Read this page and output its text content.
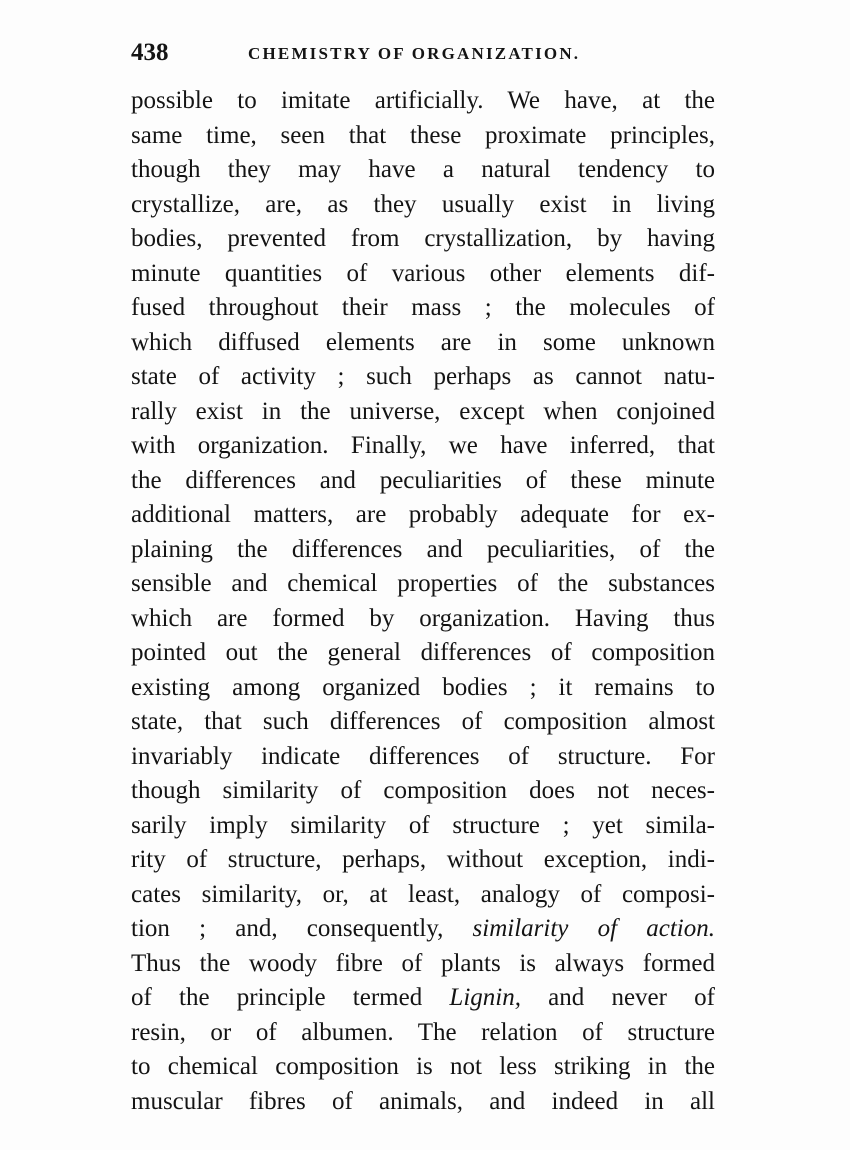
438	CHEMISTRY OF ORGANIZATION.
possible to imitate artificially. We have, at the
same time, seen that these proximate principles,
though they may have a natural tendency to
crystallize, are, as they usually exist in living
bodies, prevented from crystallization, by having
minute quantities of various other elements dif-
fused throughout their mass ; the molecules of
which diffused elements are in some unknown
state of activity ; such perhaps as cannot natu-
rally exist in the universe, except when conjoined
with organization. Finally, we have inferred, that
the differences and peculiarities of these minute
additional matters, are probably adequate for ex-
plaining the differences and peculiarities, of the
sensible and chemical properties of the substances
which are formed by organization. Having thus
pointed out the general differences of composition
existing among organized bodies ; it remains to
state, that such differences of composition almost
invariably indicate differences of structure. For
though similarity of composition does not neces-
sarily imply similarity of structure ; yet simila-
rity of structure, perhaps, without exception, indi-
cates similarity, or, at least, analogy of composi-
tion ; and, consequently, similarity of action.
Thus the woody fibre of plants is always formed
of the principle termed Lignin, and never of
resin, or of albumen. The relation of structure
to chemical composition is not less striking in the
muscular fibres of animals, and indeed in all
